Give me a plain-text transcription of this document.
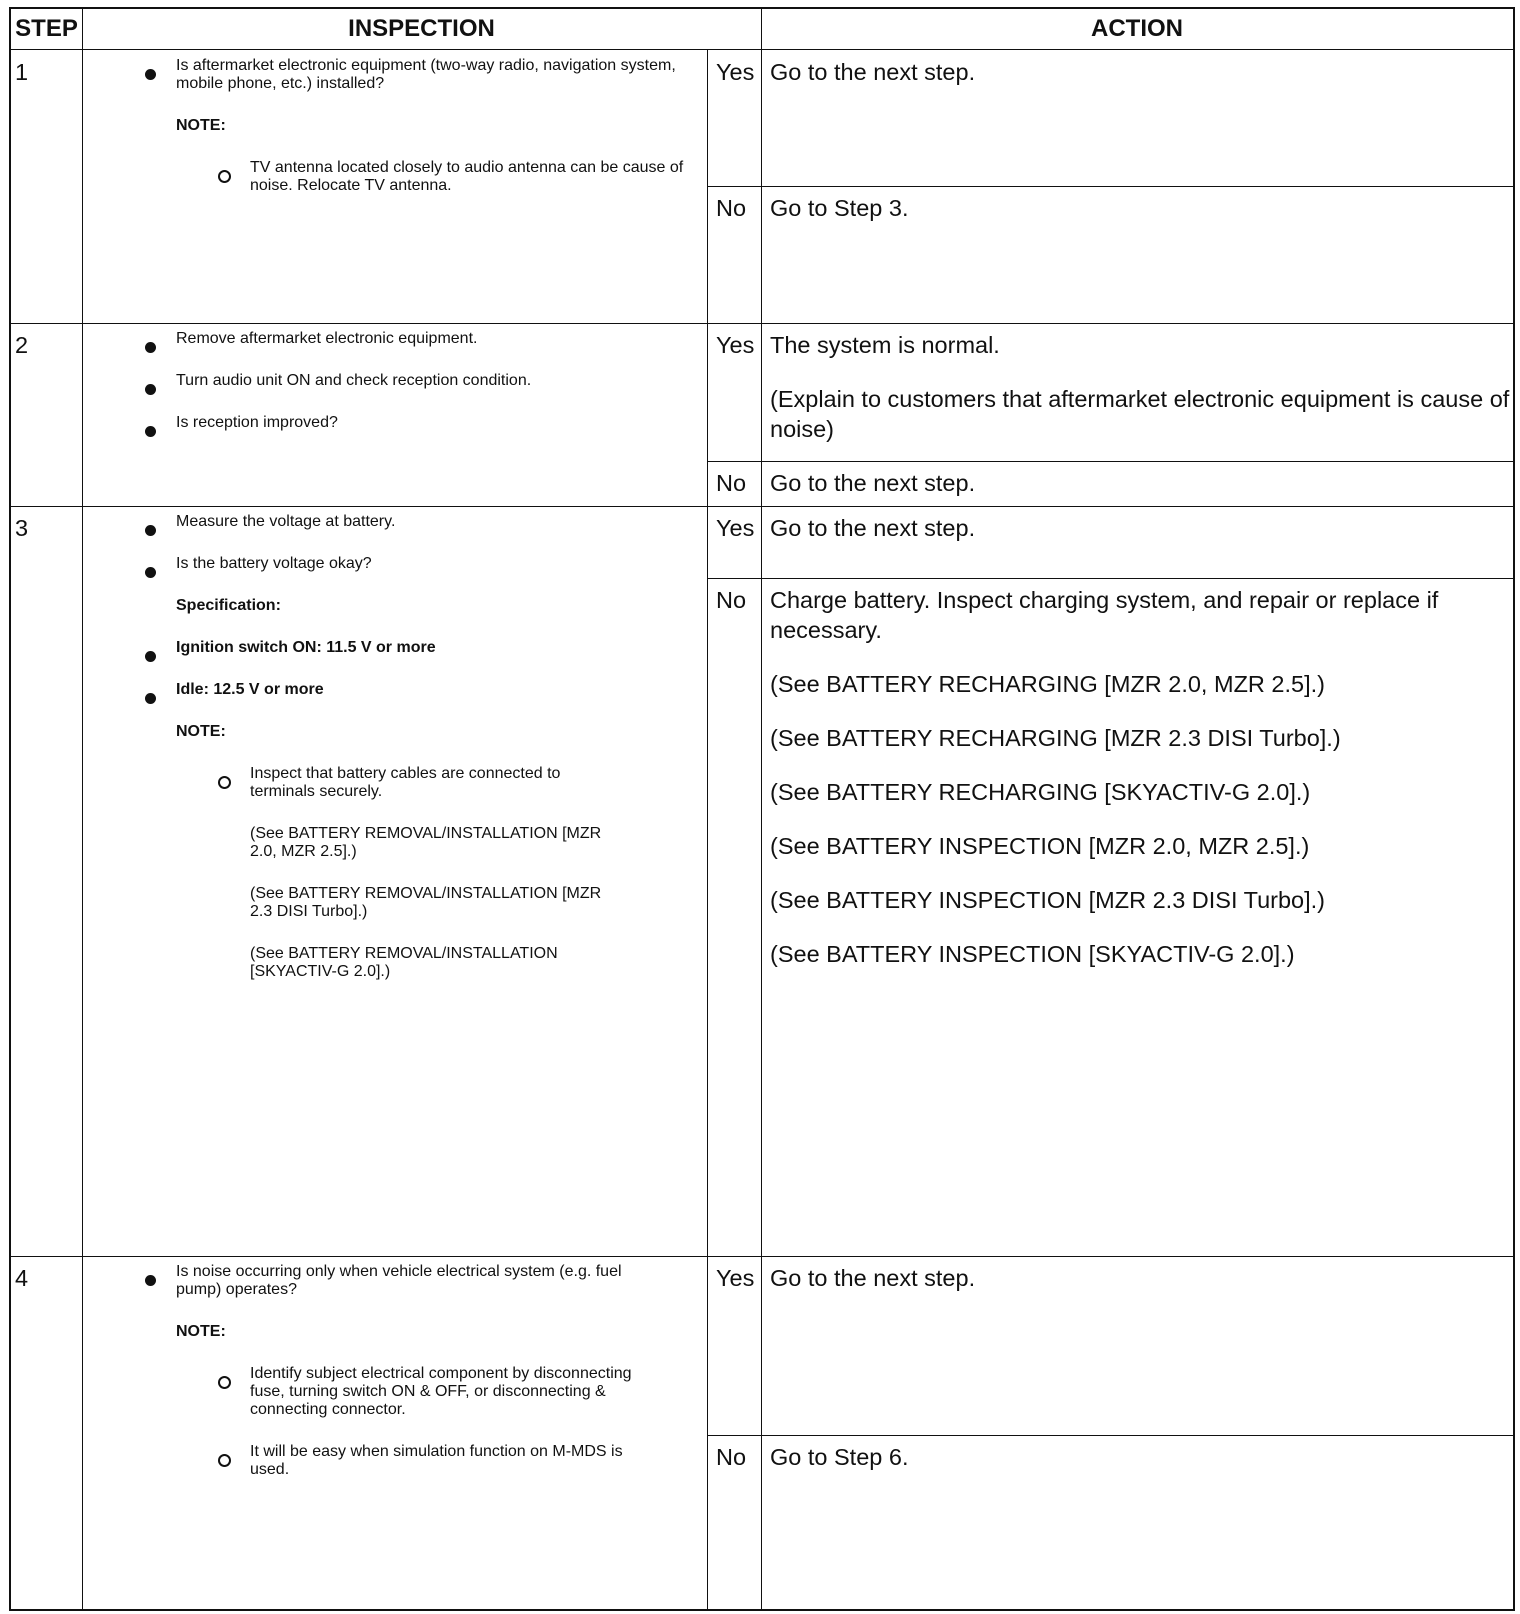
STEP	INSPECTION	ACTION
1	Is aftermarket electronic equipment (two-way radio, navigation system, mobile phone, etc.) installed?

NOTE:

TV antenna located closely to audio antenna can be cause of noise. Relocate TV antenna.

Yes Go to the next step.
No	Go to Step 3.
2	Remove aftermarket electronic equipment.

Turn audio unit ON and check reception condition.

Is reception improved?

Yes The system is normal.

(Explain to customers that aftermarket electronic equipment is cause of noise)

No	Go to the next step.
3	Measure the voltage at battery.

Is the battery voltage okay?

Specification:

Ignition switch ON: 11.5 V or more

Idle: 12.5 V or more

NOTE:

Inspect that battery cables are connected to terminals securely.

(See BATTERY REMOVAL/INSTALLATION [MZR 2.0, MZR 2.5].)

(See BATTERY REMOVAL/INSTALLATION [MZR 2.3 DISI Turbo].)

(See BATTERY REMOVAL/INSTALLATION [SKYACTIV-G 2.0].)

Yes Go to the next step.
No	Charge battery. Inspect charging system, and repair or replace if necessary.

(See BATTERY RECHARGING [MZR 2.0, MZR 2.5].)

(See BATTERY RECHARGING [MZR 2.3 DISI Turbo].)

(See BATTERY RECHARGING [SKYACTIV-G 2.0].)

(See BATTERY INSPECTION [MZR 2.0, MZR 2.5].)

(See BATTERY INSPECTION [MZR 2.3 DISI Turbo].)

(See BATTERY INSPECTION [SKYACTIV-G 2.0].)

4	Is noise occurring only when vehicle electrical system (e.g. fuel pump) operates?

NOTE:

Identify subject electrical component by disconnecting fuse, turning switch ON & OFF, or disconnecting & connecting connector.

It will be easy when simulation function on M-MDS is used.

Yes Go to the next step.
No	Go to Step 6.
